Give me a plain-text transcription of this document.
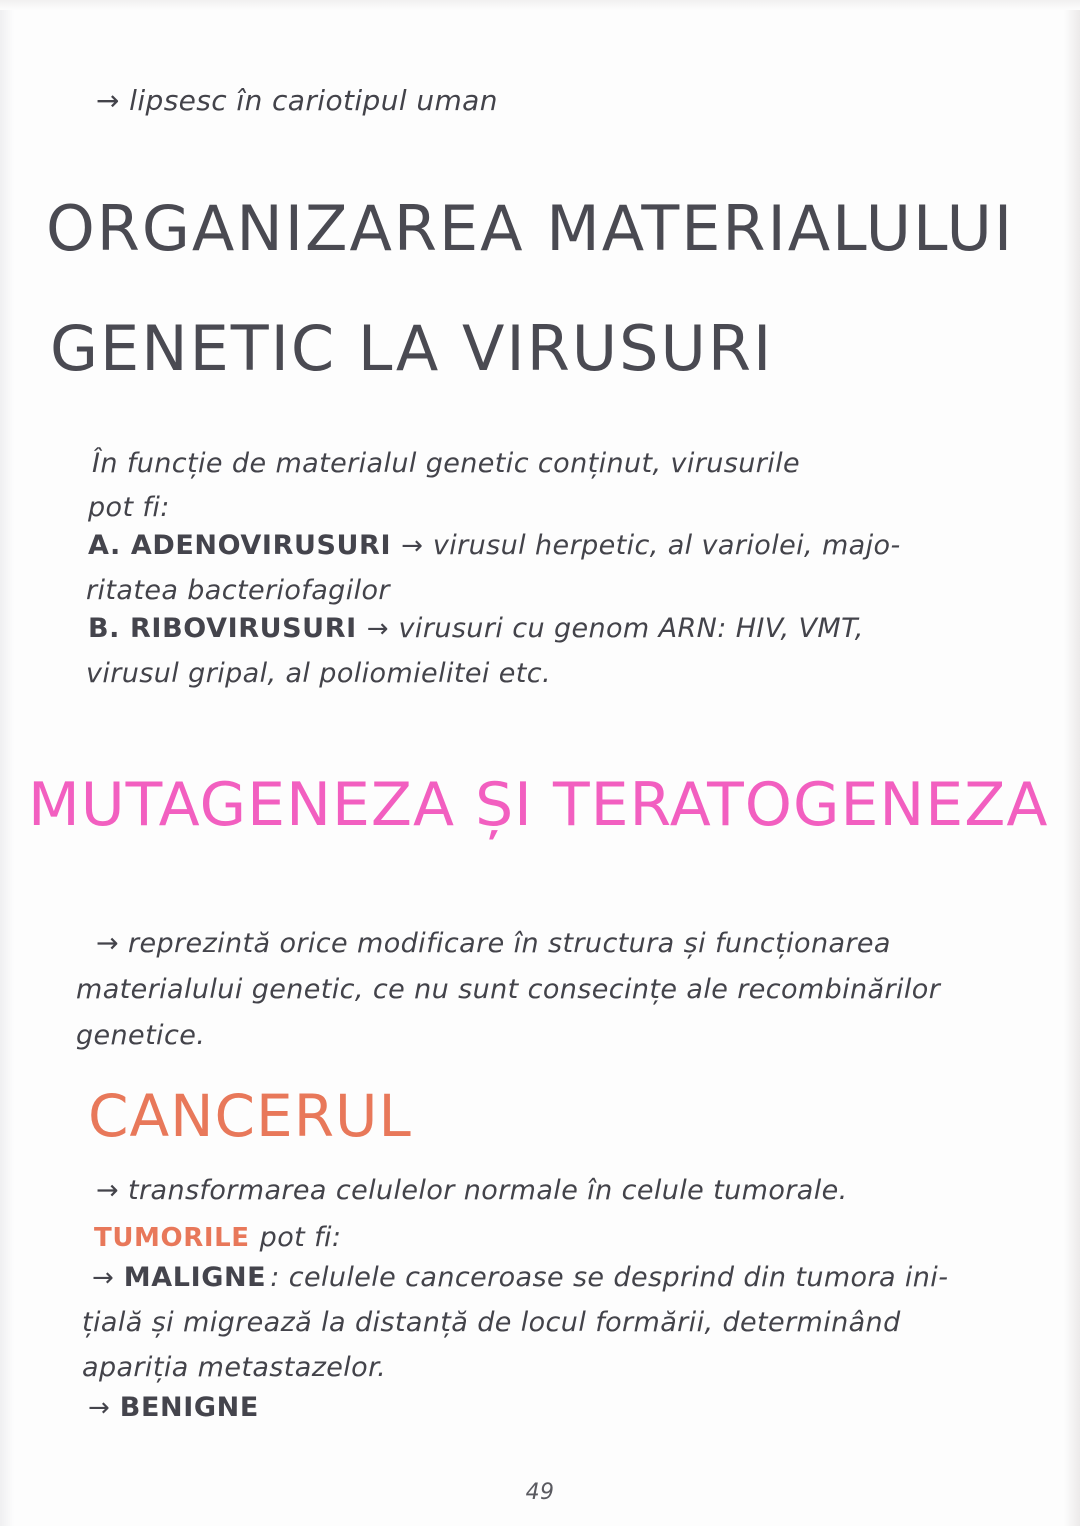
→ lipsesc în cariotipul uman
ORGANIZAREA MATERIALULUI
GENETIC LA VIRUSURI
În funcție de materialul genetic conținut, virusurile
pot fi:
A. ADENOVIRUSURI → virusul herpetic, al variolei, majo-
ritatea bacteriofagilor
B. RIBOVIRUSURI → virusuri cu genom ARN: HIV, VMT,
virusul gripal, al poliomielitei etc.
MUTAGENEZA ȘI TERATOGENEZA
→ reprezintă orice modificare în structura și funcționarea
materialului genetic, ce nu sunt consecințe ale recombinărilor
genetice.
CANCERUL
→ transformarea celulelor normale în celule tumorale.
TUMORILE pot fi:
→ MALIGNE : celulele canceroase se desprind din tumora ini-
țială și migrează la distanță de locul formării, determinând
apariția metastazelor.
→ BENIGNE
49
